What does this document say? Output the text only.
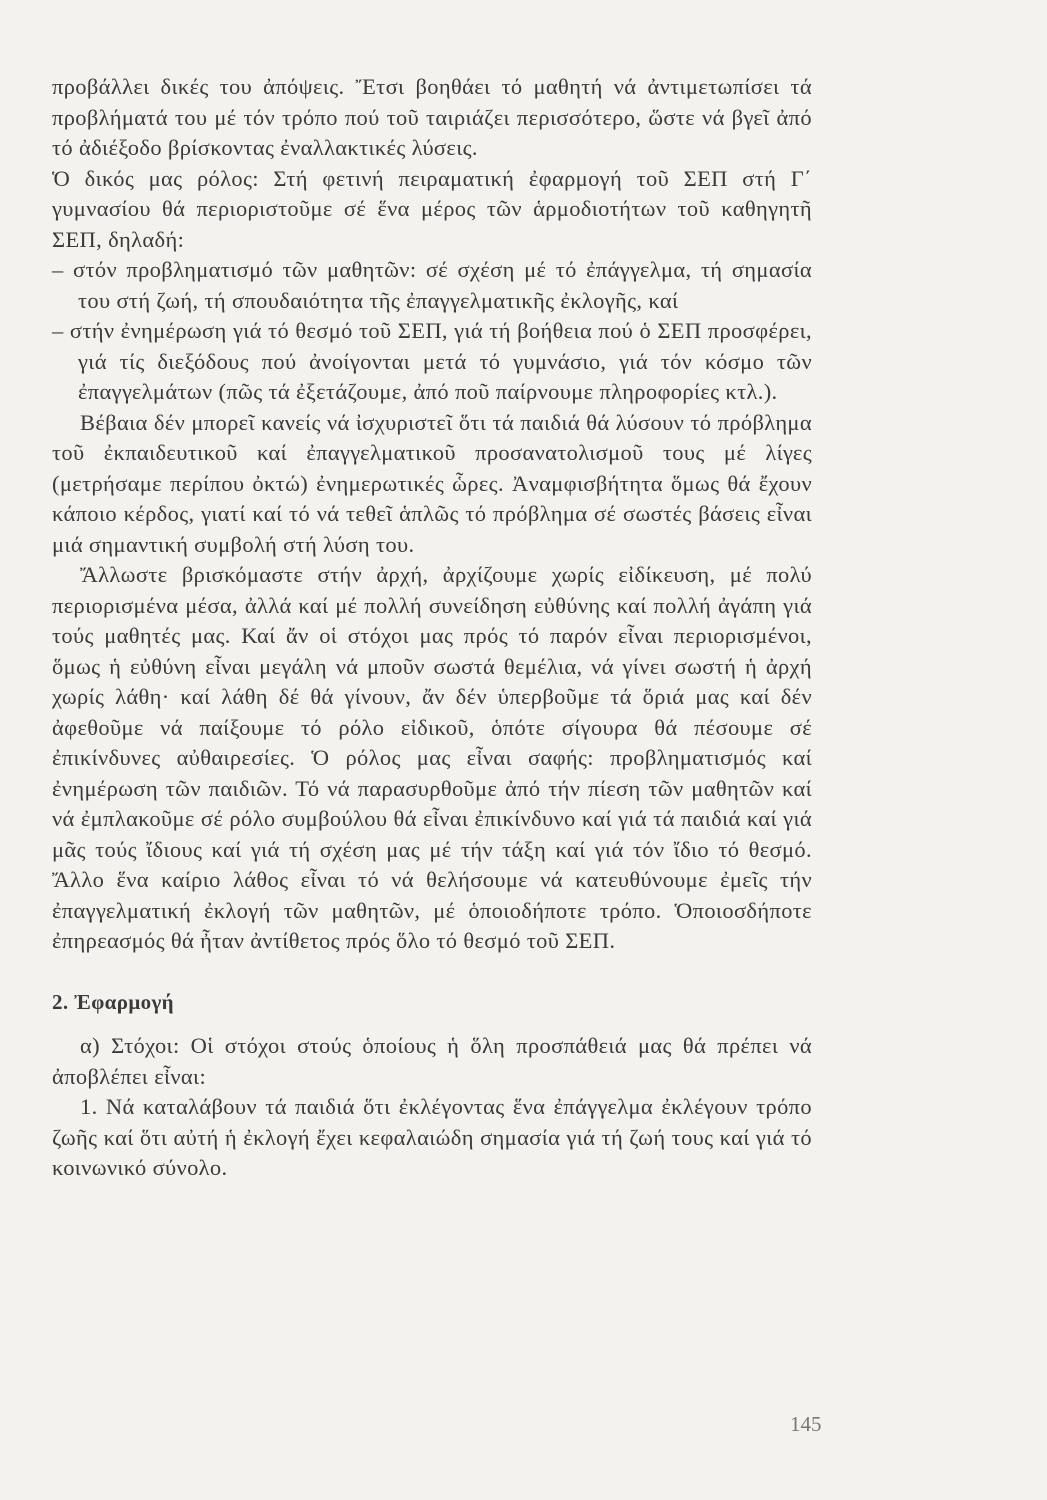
προβάλλει δικές του ἀπόψεις. Ἔτσι βοηθάει τό μαθητή νά ἀντιμετωπίσει τά προβλήματά του μέ τόν τρόπο πού τοῦ ταιριάζει περισσότερο, ὥστε νά βγεῖ ἀπό τό ἀδιέξοδο βρίσκοντας ἐναλλακτικές λύσεις.

Ὁ δικός μας ρόλος: Στή φετινή πειραματική ἐφαρμογή τοῦ ΣΕΠ στή Γ΄ γυμνασίου θά περιοριστοῦμε σέ ἕνα μέρος τῶν ἁρμοδιοτήτων τοῦ καθηγητῆ ΣΕΠ, δηλαδή:

– στόν προβληματισμό τῶν μαθητῶν: σέ σχέση μέ τό ἐπάγγελμα, τή σημασία του στή ζωή, τή σπουδαιότητα τῆς ἐπαγγελματικῆς ἐκλογῆς, καί

– στήν ἐνημέρωση γιά τό θεσμό τοῦ ΣΕΠ, γιά τή βοήθεια πού ὁ ΣΕΠ προσφέρει, γιά τίς διεξόδους πού ἀνοίγονται μετά τό γυμνάσιο, γιά τόν κόσμο τῶν ἐπαγγελμάτων (πῶς τά ἐξετάζουμε, ἀπό ποῦ παίρνουμε πληροφορίες κτλ.).

Βέβαια δέν μπορεῖ κανείς νά ἰσχυριστεῖ ὅτι τά παιδιά θά λύσουν τό πρόβλημα τοῦ ἐκπαιδευτικοῦ καί ἐπαγγελματικοῦ προσανατολισμοῦ τους μέ λίγες (μετρήσαμε περίπου ὀκτώ) ἐνημερωτικές ὧρες. Ἀναμφισβήτητα ὅμως θά ἔχουν κάποιο κέρδος, γιατί καί τό νά τεθεῖ ἁπλῶς τό πρόβλημα σέ σωστές βάσεις εἶναι μιά σημαντική συμβολή στή λύση του.

Ἄλλωστε βρισκόμαστε στήν ἀρχή, ἀρχίζουμε χωρίς εἰδίκευση, μέ πολύ περιορισμένα μέσα, ἀλλά καί μέ πολλή συνείδηση εὐθύνης καί πολλή ἀγάπη γιά τούς μαθητές μας. Καί ἄν οἱ στόχοι μας πρός τό παρόν εἶναι περιορισμένοι, ὅμως ἡ εὐθύνη εἶναι μεγάλη νά μποῦν σωστά θεμέλια, νά γίνει σωστή ἡ ἀρχή χωρίς λάθη· καί λάθη δέ θά γίνουν, ἄν δέν ὑπερβοῦμε τά ὅριά μας καί δέν ἀφεθοῦμε νά παίξουμε τό ρόλο εἰδικοῦ, ὁπότε σίγουρα θά πέσουμε σέ ἐπικίνδυνες αὐθαιρεσίες. Ὁ ρόλος μας εἶναι σαφής: προβληματισμός καί ἐνημέρωση τῶν παιδιῶν. Τό νά παρασυρθοῦμε ἀπό τήν πίεση τῶν μαθητῶν καί νά ἐμπλακοῦμε σέ ρόλο συμβούλου θά εἶναι ἐπικίνδυνο καί γιά τά παιδιά καί γιά μᾶς τούς ἴδιους καί γιά τή σχέση μας μέ τήν τάξη καί γιά τόν ἴδιο τό θεσμό. Ἄλλο ἕνα καίριο λάθος εἶναι τό νά θελήσουμε νά κατευθύνουμε ἐμεῖς τήν ἐπαγγελματική ἐκλογή τῶν μαθητῶν, μέ ὁποιοδήποτε τρόπο. Ὁποιοσδήποτε ἐπηρεασμός θά ἦταν ἀντίθετος πρός ὅλο τό θεσμό τοῦ ΣΕΠ.

2. Ἐφαρμογή

α) Στόχοι: Οἱ στόχοι στούς ὁποίους ἡ ὅλη προσπάθειά μας θά πρέπει νά ἀποβλέπει εἶναι:

1. Νά καταλάβουν τά παιδιά ὅτι ἐκλέγοντας ἕνα ἐπάγγελμα ἐκλέγουν τρόπο ζωῆς καί ὅτι αὐτή ἡ ἐκλογή ἔχει κεφαλαιώδη σημασία γιά τή ζωή τους καί γιά τό κοινωνικό σύνολο.

145
